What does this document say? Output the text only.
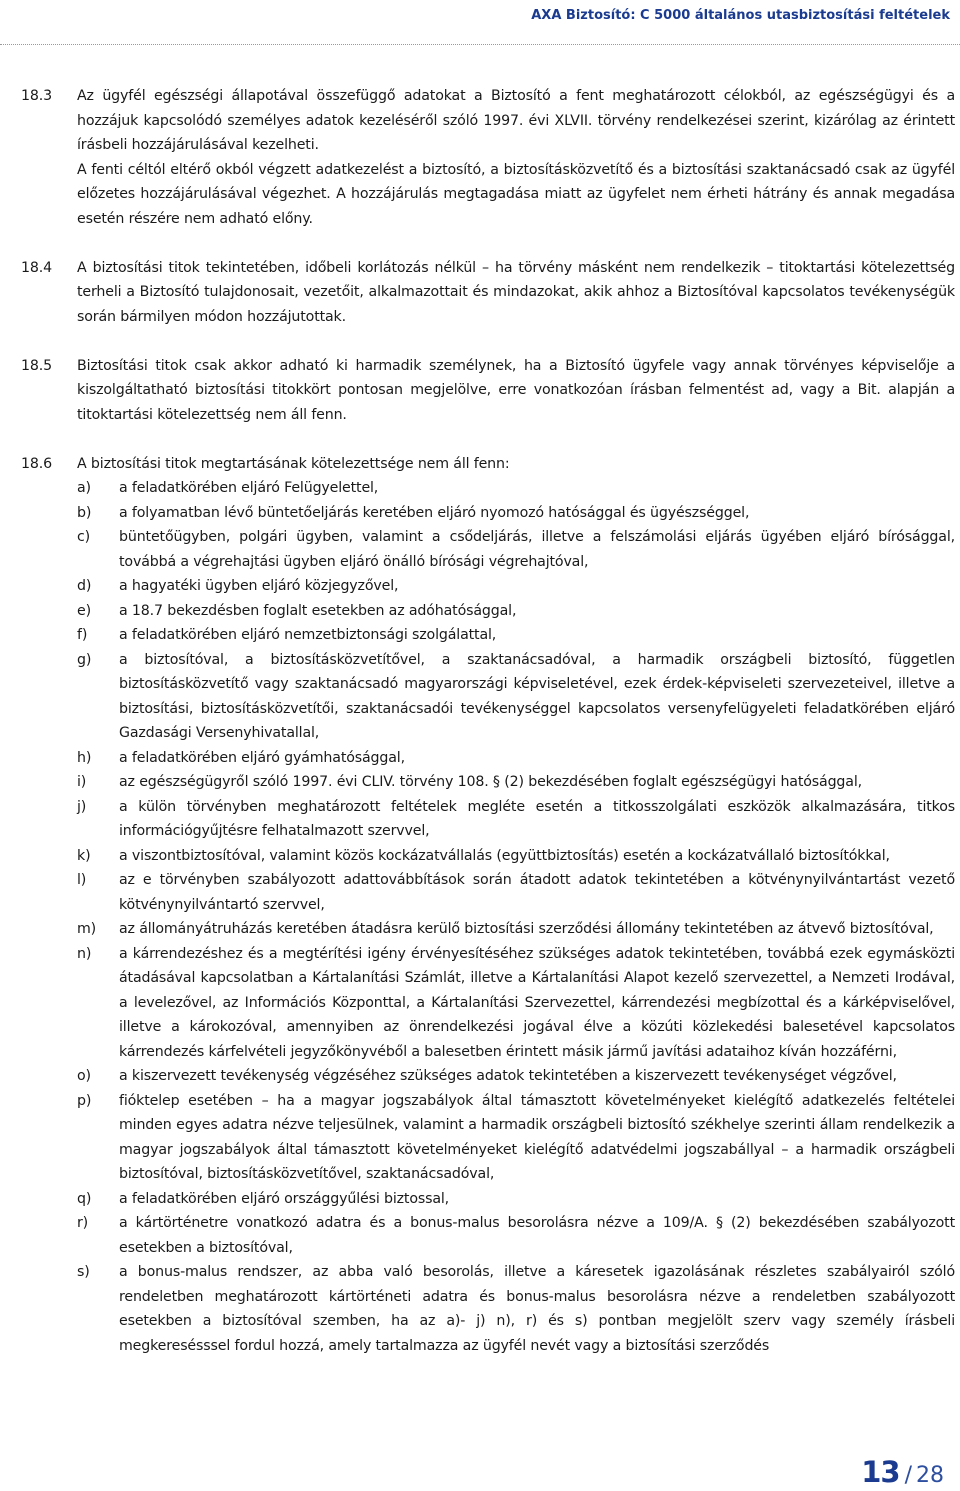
AXA Biztosító: C 5000 általános utasbiztosítási feltételek
18.3	Az ügyfél egészségi állapotával összefüggő adatokat a Biztosító a fent meghatározott célokból, az egészségügyi és a hozzájuk kapcsolódó személyes adatok kezeléséről szóló 1997. évi XLVII. törvény rendelkezései szerint, kizárólag az érintett írásbeli hozzájárulásával kezelheti.

A fenti céltól eltérő okból végzett adatkezelést a biztosító, a biztosításközvetítő és a biztosítási szaktanácsadó csak az ügyfél előzetes hozzájárulásával végezhet. A hozzájárulás megtagadása miatt az ügyfelet nem érheti hátrány és annak megadása esetén részére nem adható előny.

18.4	A biztosítási titok tekintetében, időbeli korlátozás nélkül – ha törvény másként nem rendelkezik – titoktartási kötelezettség terheli a Biztosító tulajdonosait, vezetőit, alkalmazottait és mindazokat, akik ahhoz a Biztosítóval kapcsolatos tevékenységük során bármilyen módon hozzájutottak.

18.5	Biztosítási titok csak akkor adható ki harmadik személynek, ha a Biztosító ügyfele vagy annak törvényes képviselője a kiszolgáltatható biztosítási titokkört pontosan megjelölve, erre vonatkozóan írásban felmentést ad, vagy a Bit. alapján a titoktartási kötelezettség nem áll fenn.

18.6	A biztosítási titok megtartásának kötelezettsége nem áll fenn:

a)	a feladatkörében eljáró Felügyelettel,
b)	a folyamatban lévő büntetőeljárás keretében eljáró nyomozó hatósággal és ügyészséggel,
c)	büntetőügyben, polgári ügyben, valamint a csődeljárás, illetve a felszámolási eljárás ügyében eljáró bírósággal, továbbá a végrehajtási ügyben eljáró önálló bírósági végrehajtóval,
d)	a hagyatéki ügyben eljáró közjegyzővel,
e)	a 18.7 bekezdésben foglalt esetekben az adóhatósággal,
f)	a feladatkörében eljáró nemzetbiztonsági szolgálattal,
g)	a biztosítóval, a biztosításközvetítővel, a szaktanácsadóval, a harmadik országbeli biztosító, független biztosításközvetítő vagy szaktanácsadó magyarországi képviseletével, ezek érdek-képviseleti szervezeteivel, illetve a biztosítási, biztosításközvetítői, szaktanácsadói tevékenységgel kapcsolatos versenyfelügyeleti feladatkörében eljáró Gazdasági Versenyhivatallal,
h)	a feladatkörében eljáró gyámhatósággal,
i)	az egészségügyről szóló 1997. évi CLIV. törvény 108. § (2) bekezdésében foglalt egészségügyi hatósággal,
j)	a külön törvényben meghatározott feltételek megléte esetén a titkosszolgálati eszközök alkalmazására, titkos információgyűjtésre felhatalmazott szervvel,
k)	a viszontbiztosítóval, valamint közös kockázatvállalás (együttbiztosítás) esetén a kockázatvállaló biztosítókkal,
l)	az e törvényben szabályozott adattovábbítások során átadott adatok tekintetében a kötvénynyilvántartást vezető kötvénynyilvántartó szervvel,
m)	az állományátruházás keretében átadásra kerülő biztosítási szerződési állomány tekintetében az átvevő biztosítóval,
n)	a kárrendezéshez és a megtérítési igény érvényesítéséhez szükséges adatok tekintetében, továbbá ezek egymásközti átadásával kapcsolatban a Kártalanítási Számlát, illetve a Kártalanítási Alapot kezelő szervezettel, a Nemzeti Irodával, a levelezővel, az Információs Központtal, a Kártalanítási Szervezettel, kárrendezési megbízottal és a kárképviselővel, illetve a károkozóval, amennyiben az önrendelkezési jogával élve a közúti közlekedési balesetével kapcsolatos kárrendezés kárfelvételi jegyzőkönyvéből a balesetben érintett másik jármű javítási adataihoz kíván hozzáférni,
o)	a kiszervezett tevékenység végzéséhez szükséges adatok tekintetében a kiszervezett tevékenységet végzővel,
p)	fióktelep esetében – ha a magyar jogszabályok által támasztott követelményeket kielégítő adatkezelés feltételei minden egyes adatra nézve teljesülnek, valamint a harmadik országbeli biztosító székhelye szerinti állam rendelkezik a magyar jogszabályok által támasztott követelményeket kielégítő adatvédelmi jogszabállyal – a harmadik országbeli biztosítóval, biztosításközvetítővel, szaktanácsadóval,
q)	a feladatkörében eljáró országgyűlési biztossal,
r)	a kártörténetre vonatkozó adatra és a bonus-malus besorolásra nézve a 109/A. § (2) bekezdésében szabályozott esetekben a biztosítóval,
s)	a bonus-malus rendszer, az abba való besorolás, illetve a káresetek igazolásának részletes szabályairól szóló rendeletben meghatározott kártörténeti adatra és bonus-malus besorolásra nézve a rendeletben szabályozott esetekben a biztosítóval szemben, ha az a)- j) n), r) és s) pontban megjelölt szerv vagy személy írásbeli megkeresésssel fordul hozzá, amely tartalmazza az ügyfél nevét vagy a biztosítási szerződés
13 / 28
